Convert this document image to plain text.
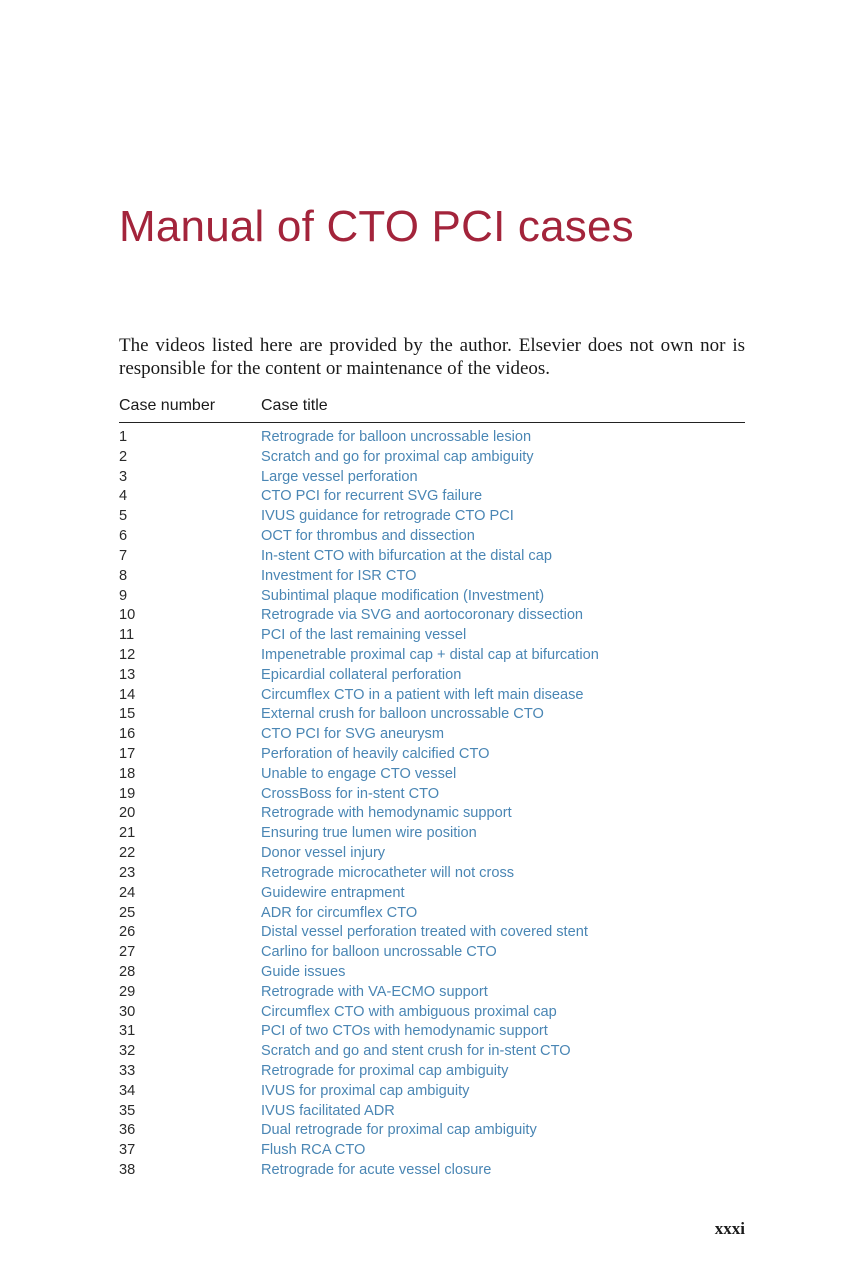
Manual of CTO PCI cases

The videos listed here are provided by the author. Elsevier does not own nor is responsible for the content or maintenance of the videos.

Case number	Case title
1	Retrograde for balloon uncrossable lesion
2	Scratch and go for proximal cap ambiguity
3	Large vessel perforation
4	CTO PCI for recurrent SVG failure
5	IVUS guidance for retrograde CTO PCI
6	OCT for thrombus and dissection
7	In-stent CTO with bifurcation at the distal cap
8	Investment for ISR CTO
9	Subintimal plaque modification (Investment)
10	Retrograde via SVG and aortocoronary dissection
11	PCI of the last remaining vessel
12	Impenetrable proximal cap + distal cap at bifurcation
13	Epicardial collateral perforation
14	Circumflex CTO in a patient with left main disease
15	External crush for balloon uncrossable CTO
16	CTO PCI for SVG aneurysm
17	Perforation of heavily calcified CTO
18	Unable to engage CTO vessel
19	CrossBoss for in-stent CTO
20	Retrograde with hemodynamic support
21	Ensuring true lumen wire position
22	Donor vessel injury
23	Retrograde microcatheter will not cross
24	Guidewire entrapment
25	ADR for circumflex CTO
26	Distal vessel perforation treated with covered stent
27	Carlino for balloon uncrossable CTO
28	Guide issues
29	Retrograde with VA-ECMO support
30	Circumflex CTO with ambiguous proximal cap
31	PCI of two CTOs with hemodynamic support
32	Scratch and go and stent crush for in-stent CTO
33	Retrograde for proximal cap ambiguity
34	IVUS for proximal cap ambiguity
35	IVUS facilitated ADR
36	Dual retrograde for proximal cap ambiguity
37	Flush RCA CTO
38	Retrograde for acute vessel closure
xxxi
